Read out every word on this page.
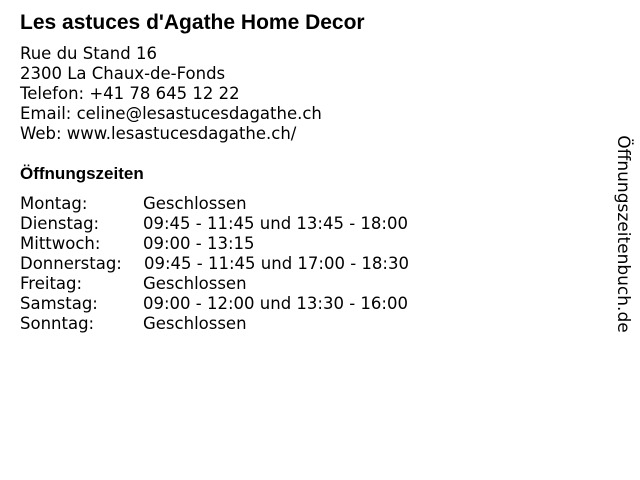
Les astuces d'Agathe Home Decor
Rue du Stand 16
2300 La Chaux-de-Fonds
Telefon: +41 78 645 12 22
Email: celine@lesastucesdagathe.ch
Web: www.lesastucesdagathe.ch/
Öffnungszeiten
Montag:	Geschlossen
Dienstag:	09:45 - 11:45 und 13:45 - 18:00
Mittwoch:	09:00 - 13:15
Donnerstag:	09:45 - 11:45 und 17:00 - 18:30
Freitag:	Geschlossen
Samstag:	09:00 - 12:00 und 13:30 - 16:00
Sonntag:	Geschlossen	Öffnungszeitenbuch.de
